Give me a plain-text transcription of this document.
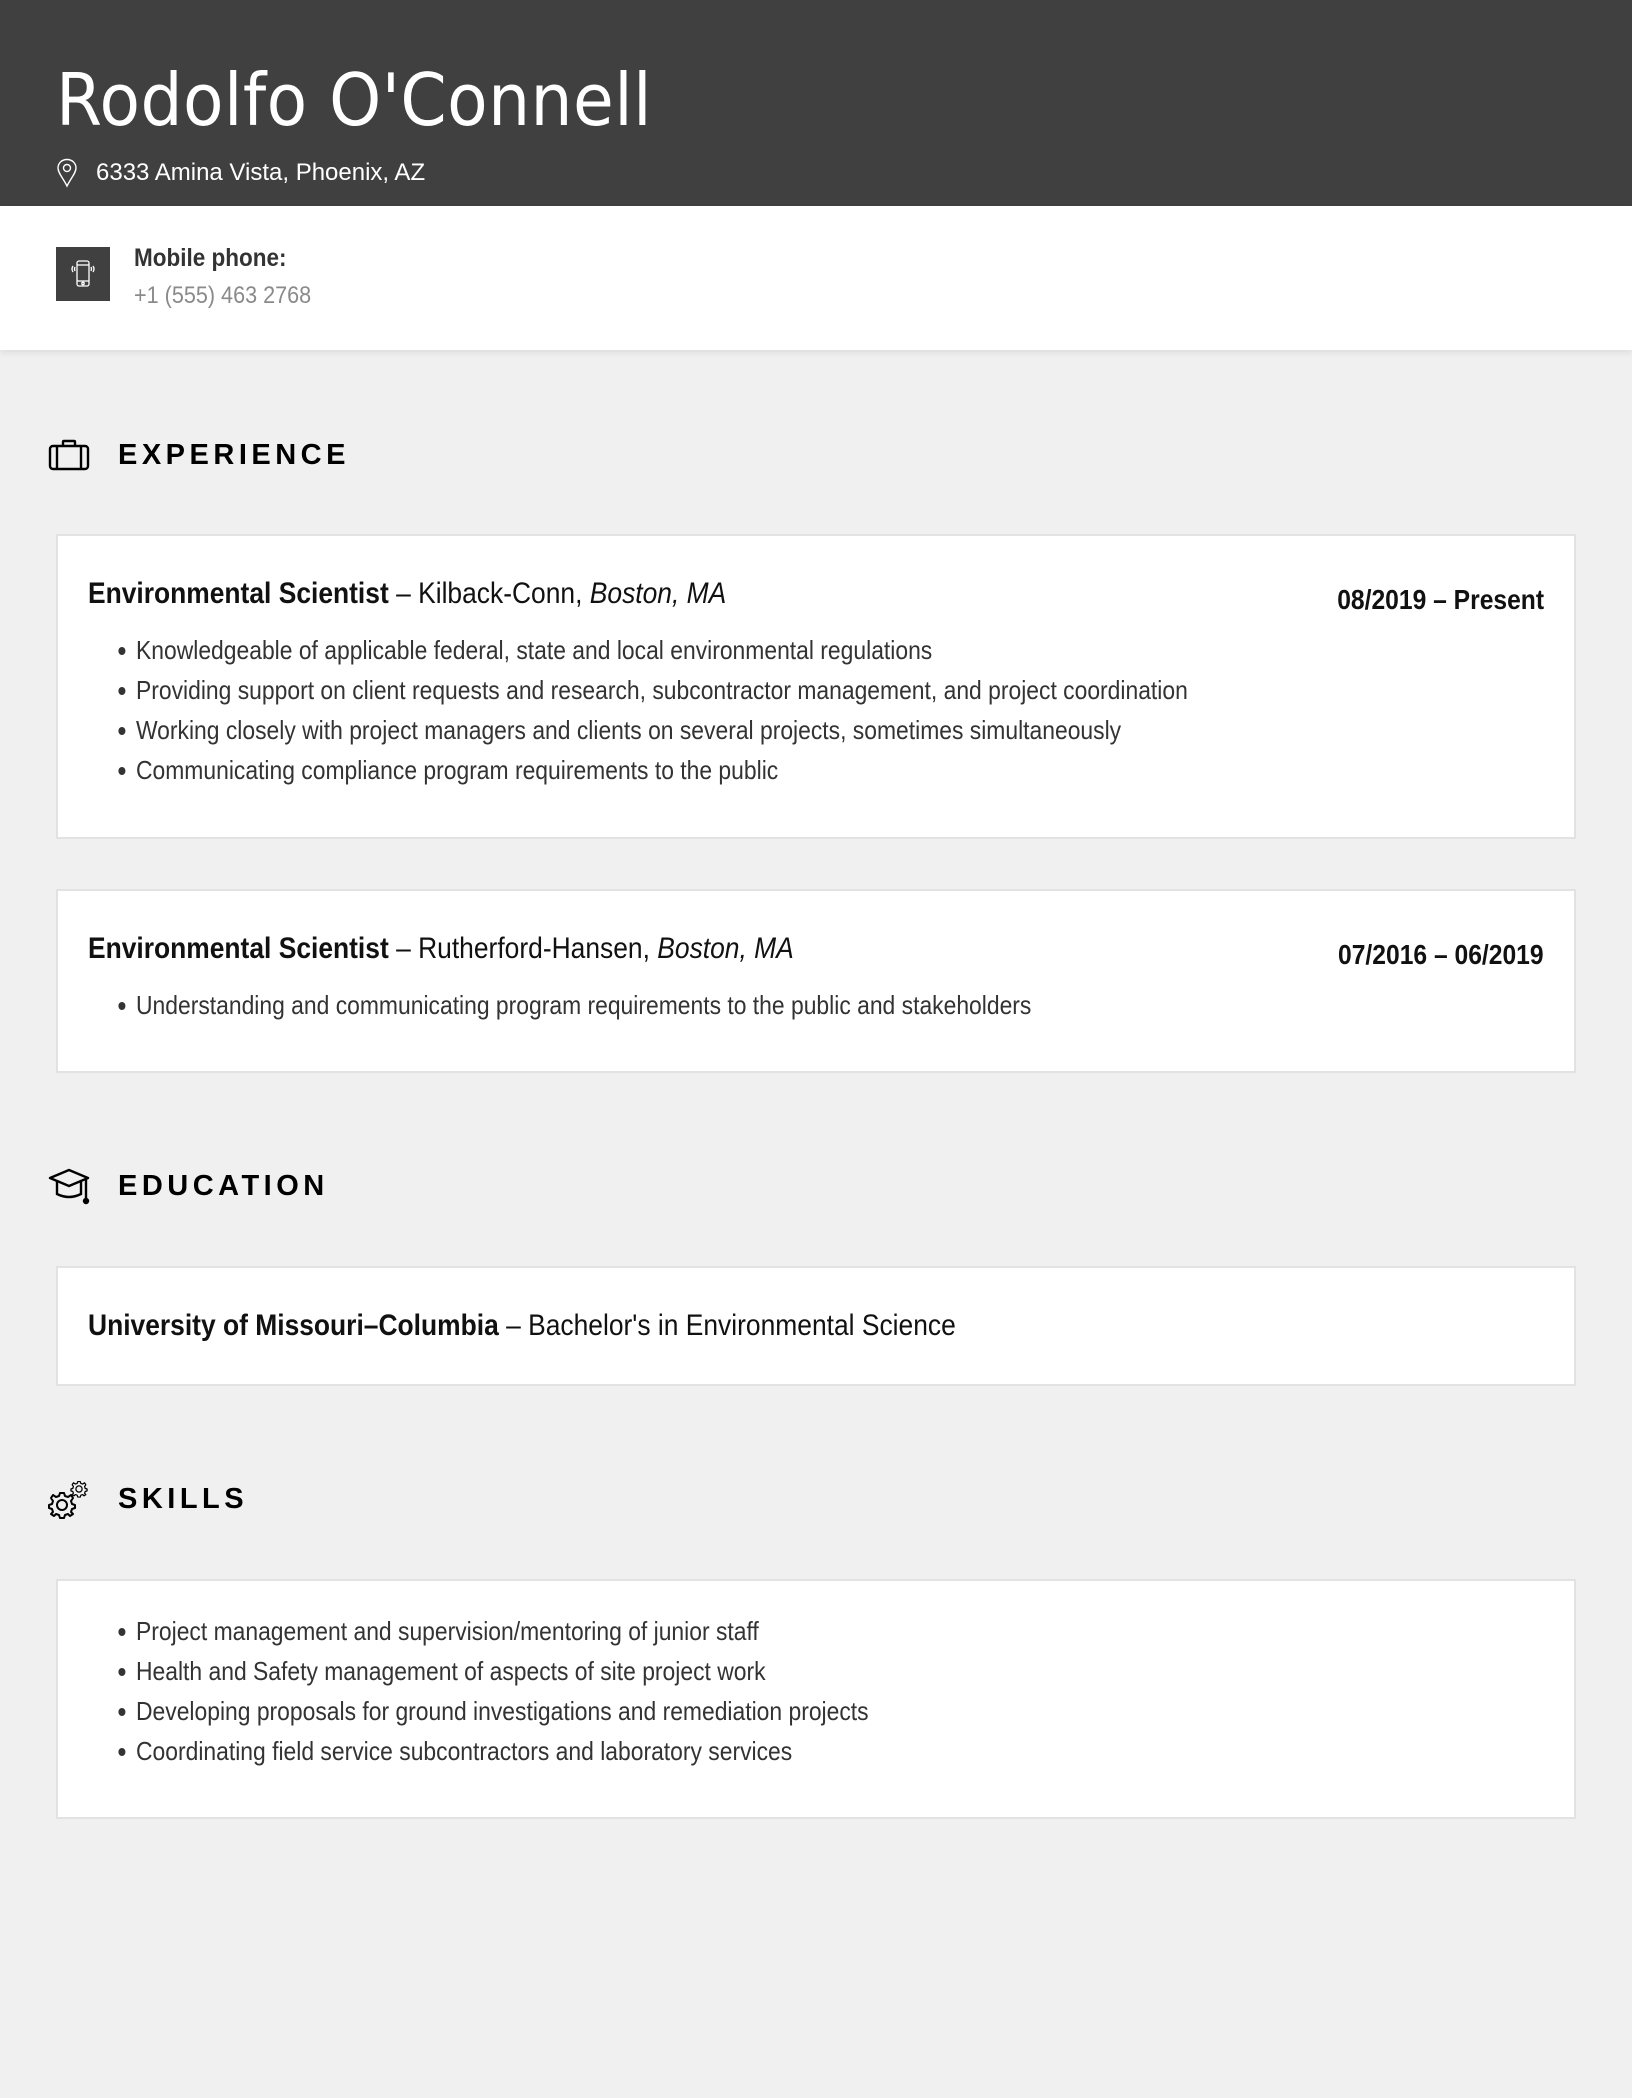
Rodolfo O'Connell
6333 Amina Vista, Phoenix, AZ
Mobile phone:
+1 (555) 463 2768
EXPERIENCE
Environmental Scientist – Kilback-Conn, Boston, MA	08/2019 – Present
Knowledgeable of applicable federal, state and local environmental regulations
Providing support on client requests and research, subcontractor management, and project coordination
Working closely with project managers and clients on several projects, sometimes simultaneously
Communicating compliance program requirements to the public
Environmental Scientist – Rutherford-Hansen, Boston, MA	07/2016 – 06/2019
Understanding and communicating program requirements to the public and stakeholders
EDUCATION
University of Missouri–Columbia – Bachelor's in Environmental Science
SKILLS
Project management and supervision/mentoring of junior staff
Health and Safety management of aspects of site project work
Developing proposals for ground investigations and remediation projects
Coordinating field service subcontractors and laboratory services
